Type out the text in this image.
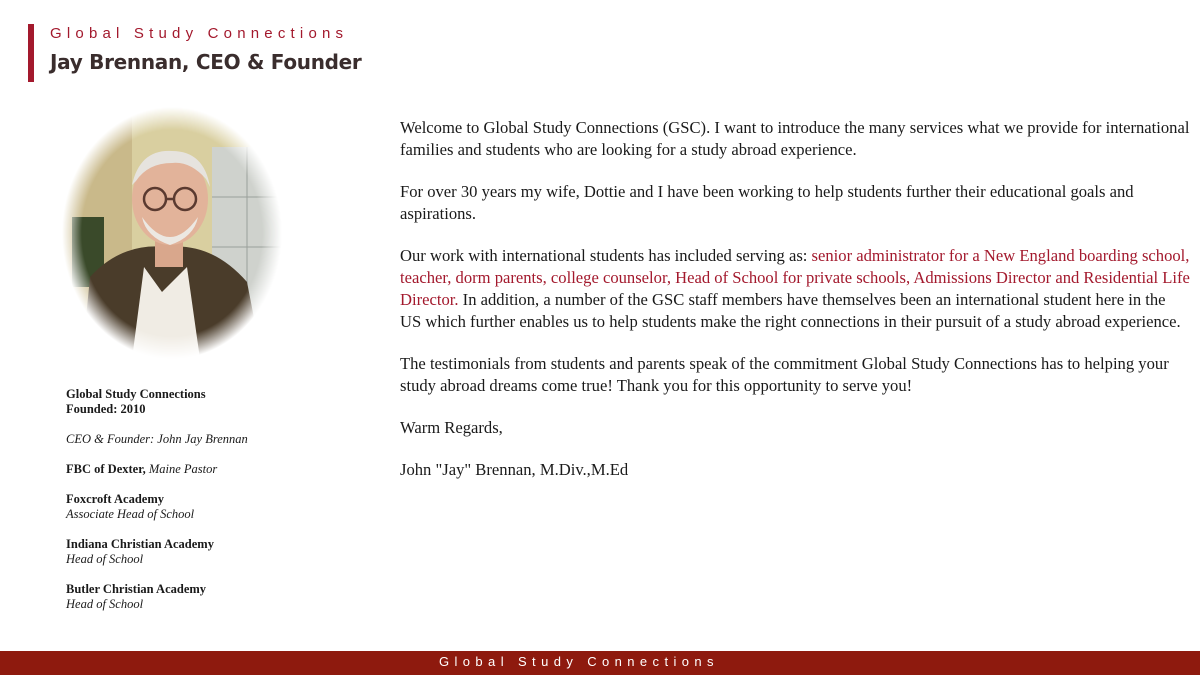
Global Study Connections
Jay Brennan, CEO & Founder
Global Study Connections
Founded: 2010
CEO & Founder: John Jay Brennan
FBC of Dexter, Maine Pastor
Foxcroft Academy
Associate Head of School
Indiana Christian Academy
Head of School
Butler Christian Academy
Head of School

Welcome to Global Study Connections (GSC). I want to introduce the many services what we provide for international families and students who are looking for a study abroad experience.

For over 30 years my wife, Dottie and I have been working to help students further their educational goals and aspirations.

Our work with international students has included serving as: senior administrator for a New England boarding school, teacher, dorm parents, college counselor, Head of School for private schools, Admissions Director and Residential Life Director. In addition, a number of the GSC staff members have themselves been an international student here in the US which further enables us to help students make the right connections in their pursuit of a study abroad experience.

The testimonials from students and parents speak of the commitment Global Study Connections has to helping your study abroad dreams come true! Thank you for this opportunity to serve you!

Warm Regards,

John "Jay" Brennan, M.Div.,M.Ed

Global Study Connections
